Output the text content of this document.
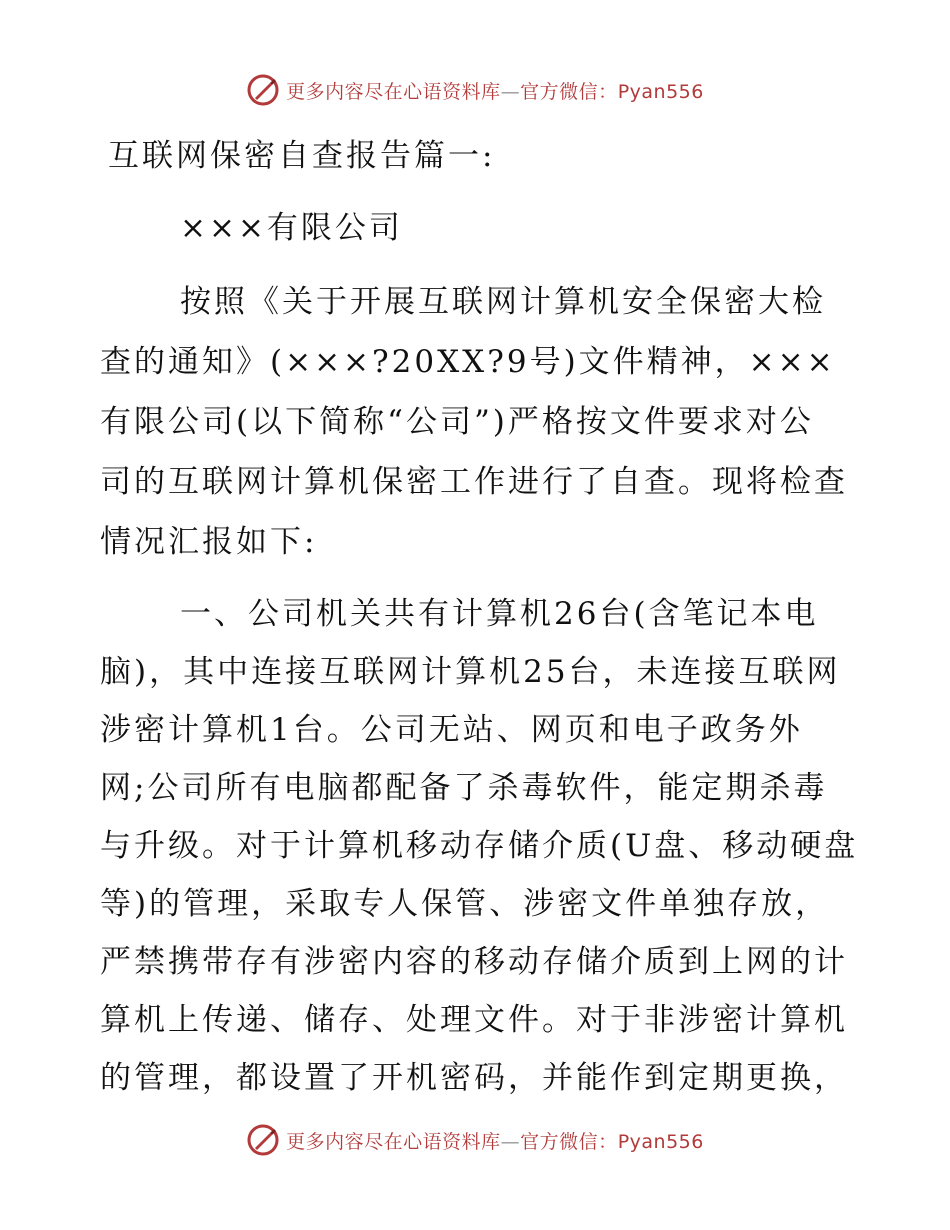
更多内容尽在心语资料库—官方微信：Pyan556
互联网保密自查报告篇一:
×××有限公司
按照《关于开展互联网计算机安全保密大检
查的通知》(×××?20XX?9号)文件精神，×××
有限公司(以下简称“公司”)严格按文件要求对公
司的互联网计算机保密工作进行了自查。现将检查
情况汇报如下:
一、公司机关共有计算机26台(含笔记本电
脑)，其中连接互联网计算机25台，未连接互联网
涉密计算机1台。公司无站、网页和电子政务外
网;公司所有电脑都配备了杀毒软件，能定期杀毒
与升级。对于计算机移动存储介质(U盘、移动硬盘
等)的管理，采取专人保管、涉密文件单独存放，
严禁携带存有涉密内容的移动存储介质到上网的计
算机上传递、储存、处理文件。对于非涉密计算机
的管理，都设置了开机密码，并能作到定期更换，
更多内容尽在心语资料库—官方微信：Pyan556
